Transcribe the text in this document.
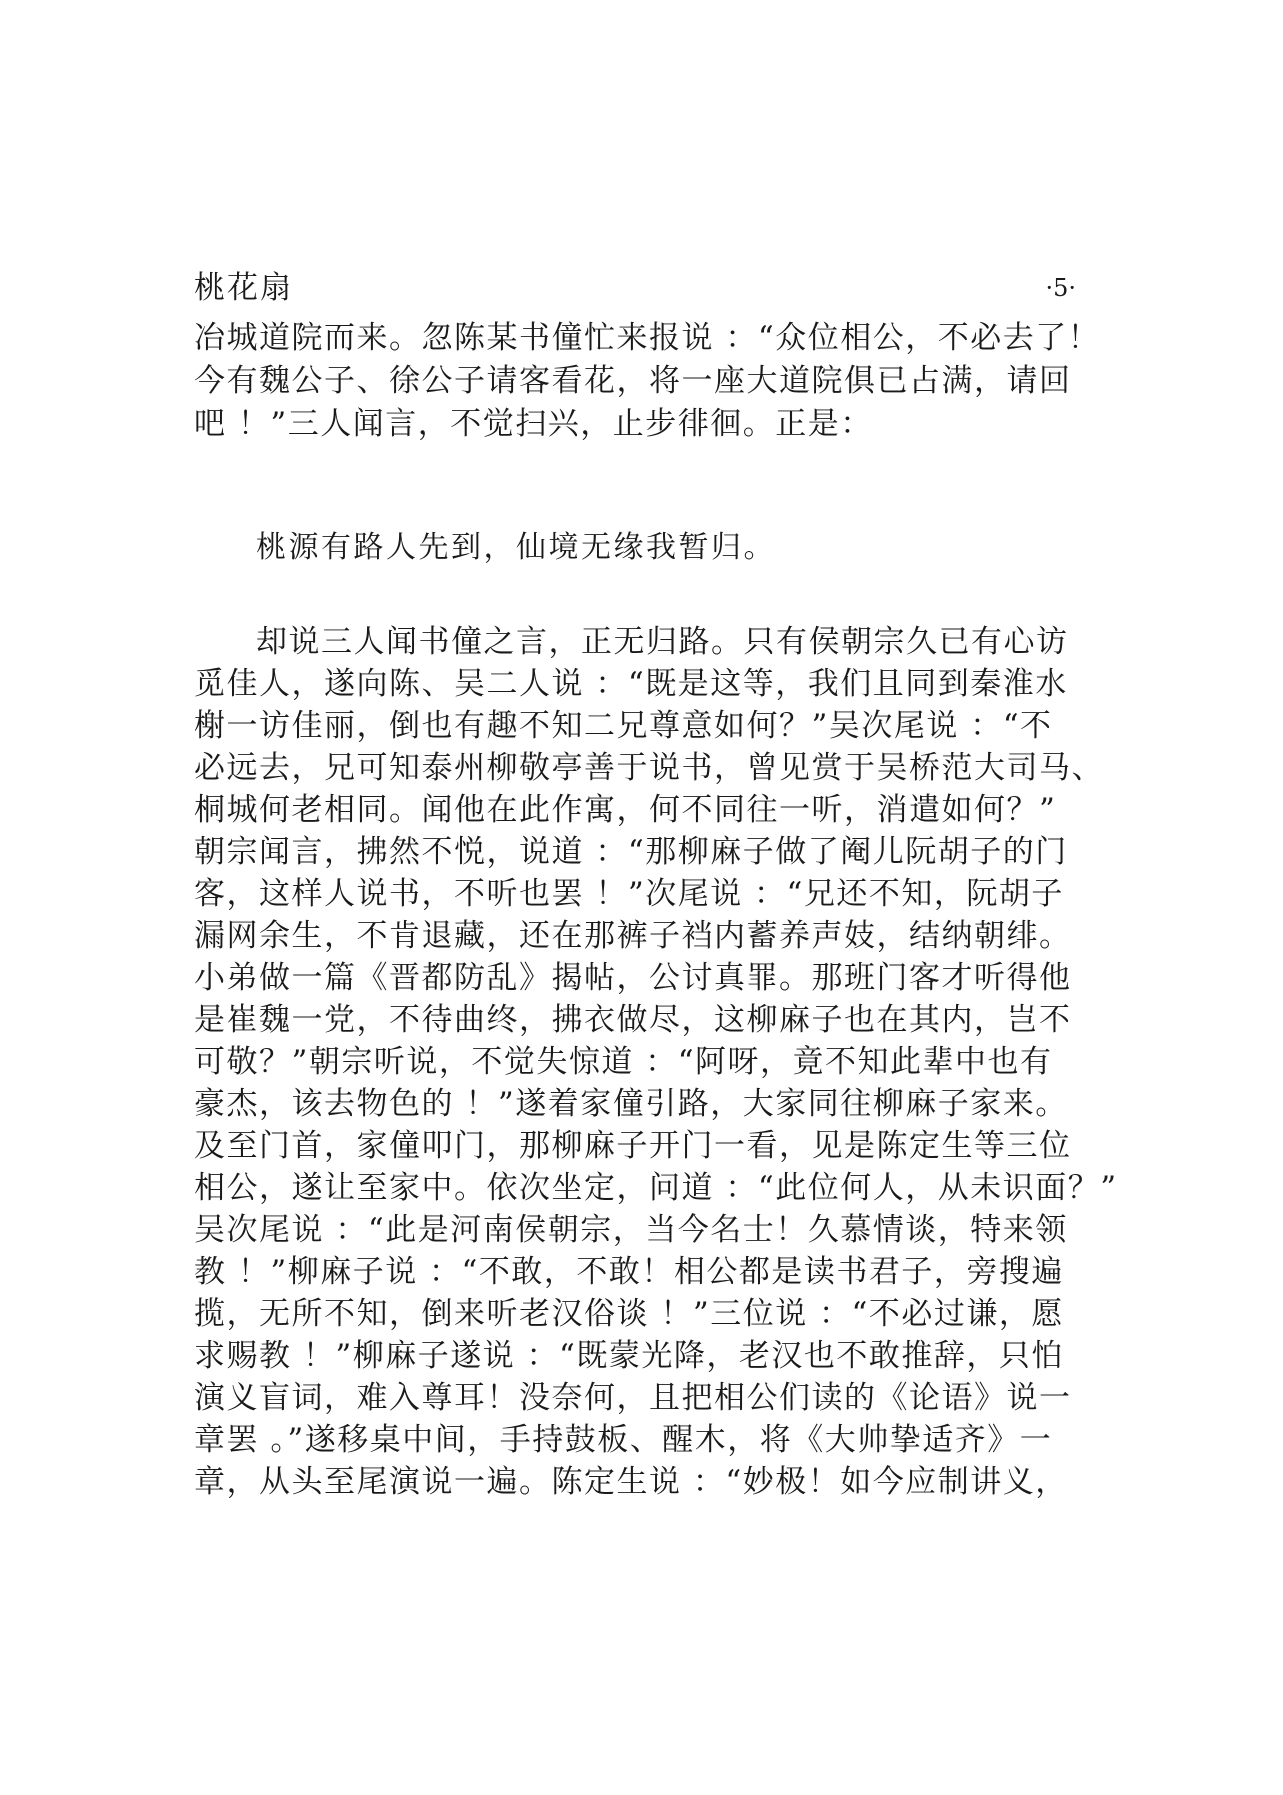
桃花扇	·5·
冶城道院而来。忽陈某书僮忙来报说 ：“众位相公，不必去了！
今有魏公子、徐公子请客看花，将一座大道院俱已占满，请回
吧 ！”三人闻言，不觉扫兴，止步徘徊。正是：
桃源有路人先到，仙境无缘我暂归。
却说三人闻书僮之言，正无归路。只有侯朝宗久已有心访
觅佳人，遂向陈、吴二人说 ：“既是这等，我们且同到秦淮水
榭一访佳丽，倒也有趣不知二兄尊意如何？”吴次尾说 ：“不
必远去，兄可知泰州柳敬亭善于说书，曾见赏于吴桥范大司马、
桐城何老相同。闻他在此作寓，何不同往一听，消遣如何？”
朝宗闻言，拂然不悦，说道 ：“那柳麻子做了阉儿阮胡子的门
客，这样人说书，不听也罢 ！”次尾说 ：“兄还不知，阮胡子
漏网余生，不肯退藏，还在那裤子裆内蓄养声妓，结纳朝绯。
小弟做一篇《晋都防乱》揭帖，公讨真罪。那班门客才听得他
是崔魏一党，不待曲终，拂衣做尽，这柳麻子也在其内，岂不
可敬？”朝宗听说，不觉失惊道 ：“阿呀，竟不知此辈中也有
豪杰，该去物色的 ！”遂着家僮引路，大家同往柳麻子家来。
及至门首，家僮叩门，那柳麻子开门一看，见是陈定生等三位
相公，遂让至家中。依次坐定，问道 ：“此位何人，从未识面？”
吴次尾说 ：“此是河南侯朝宗，当今名士！久慕情谈，特来领
教 ！”柳麻子说 ：“不敢，不敢！相公都是读书君子，旁搜遍
揽，无所不知，倒来听老汉俗谈 ！”三位说 ：“不必过谦，愿
求赐教 ！”柳麻子遂说 ：“既蒙光降，老汉也不敢推辞，只怕
演义盲词，难入尊耳！没奈何，且把相公们读的《论语》说一
章罢 。”遂移桌中间，手持鼓板、醒木，将《大帅挚适齐》一
章，从头至尾演说一遍。陈定生说 ：“妙极！如今应制讲义，
